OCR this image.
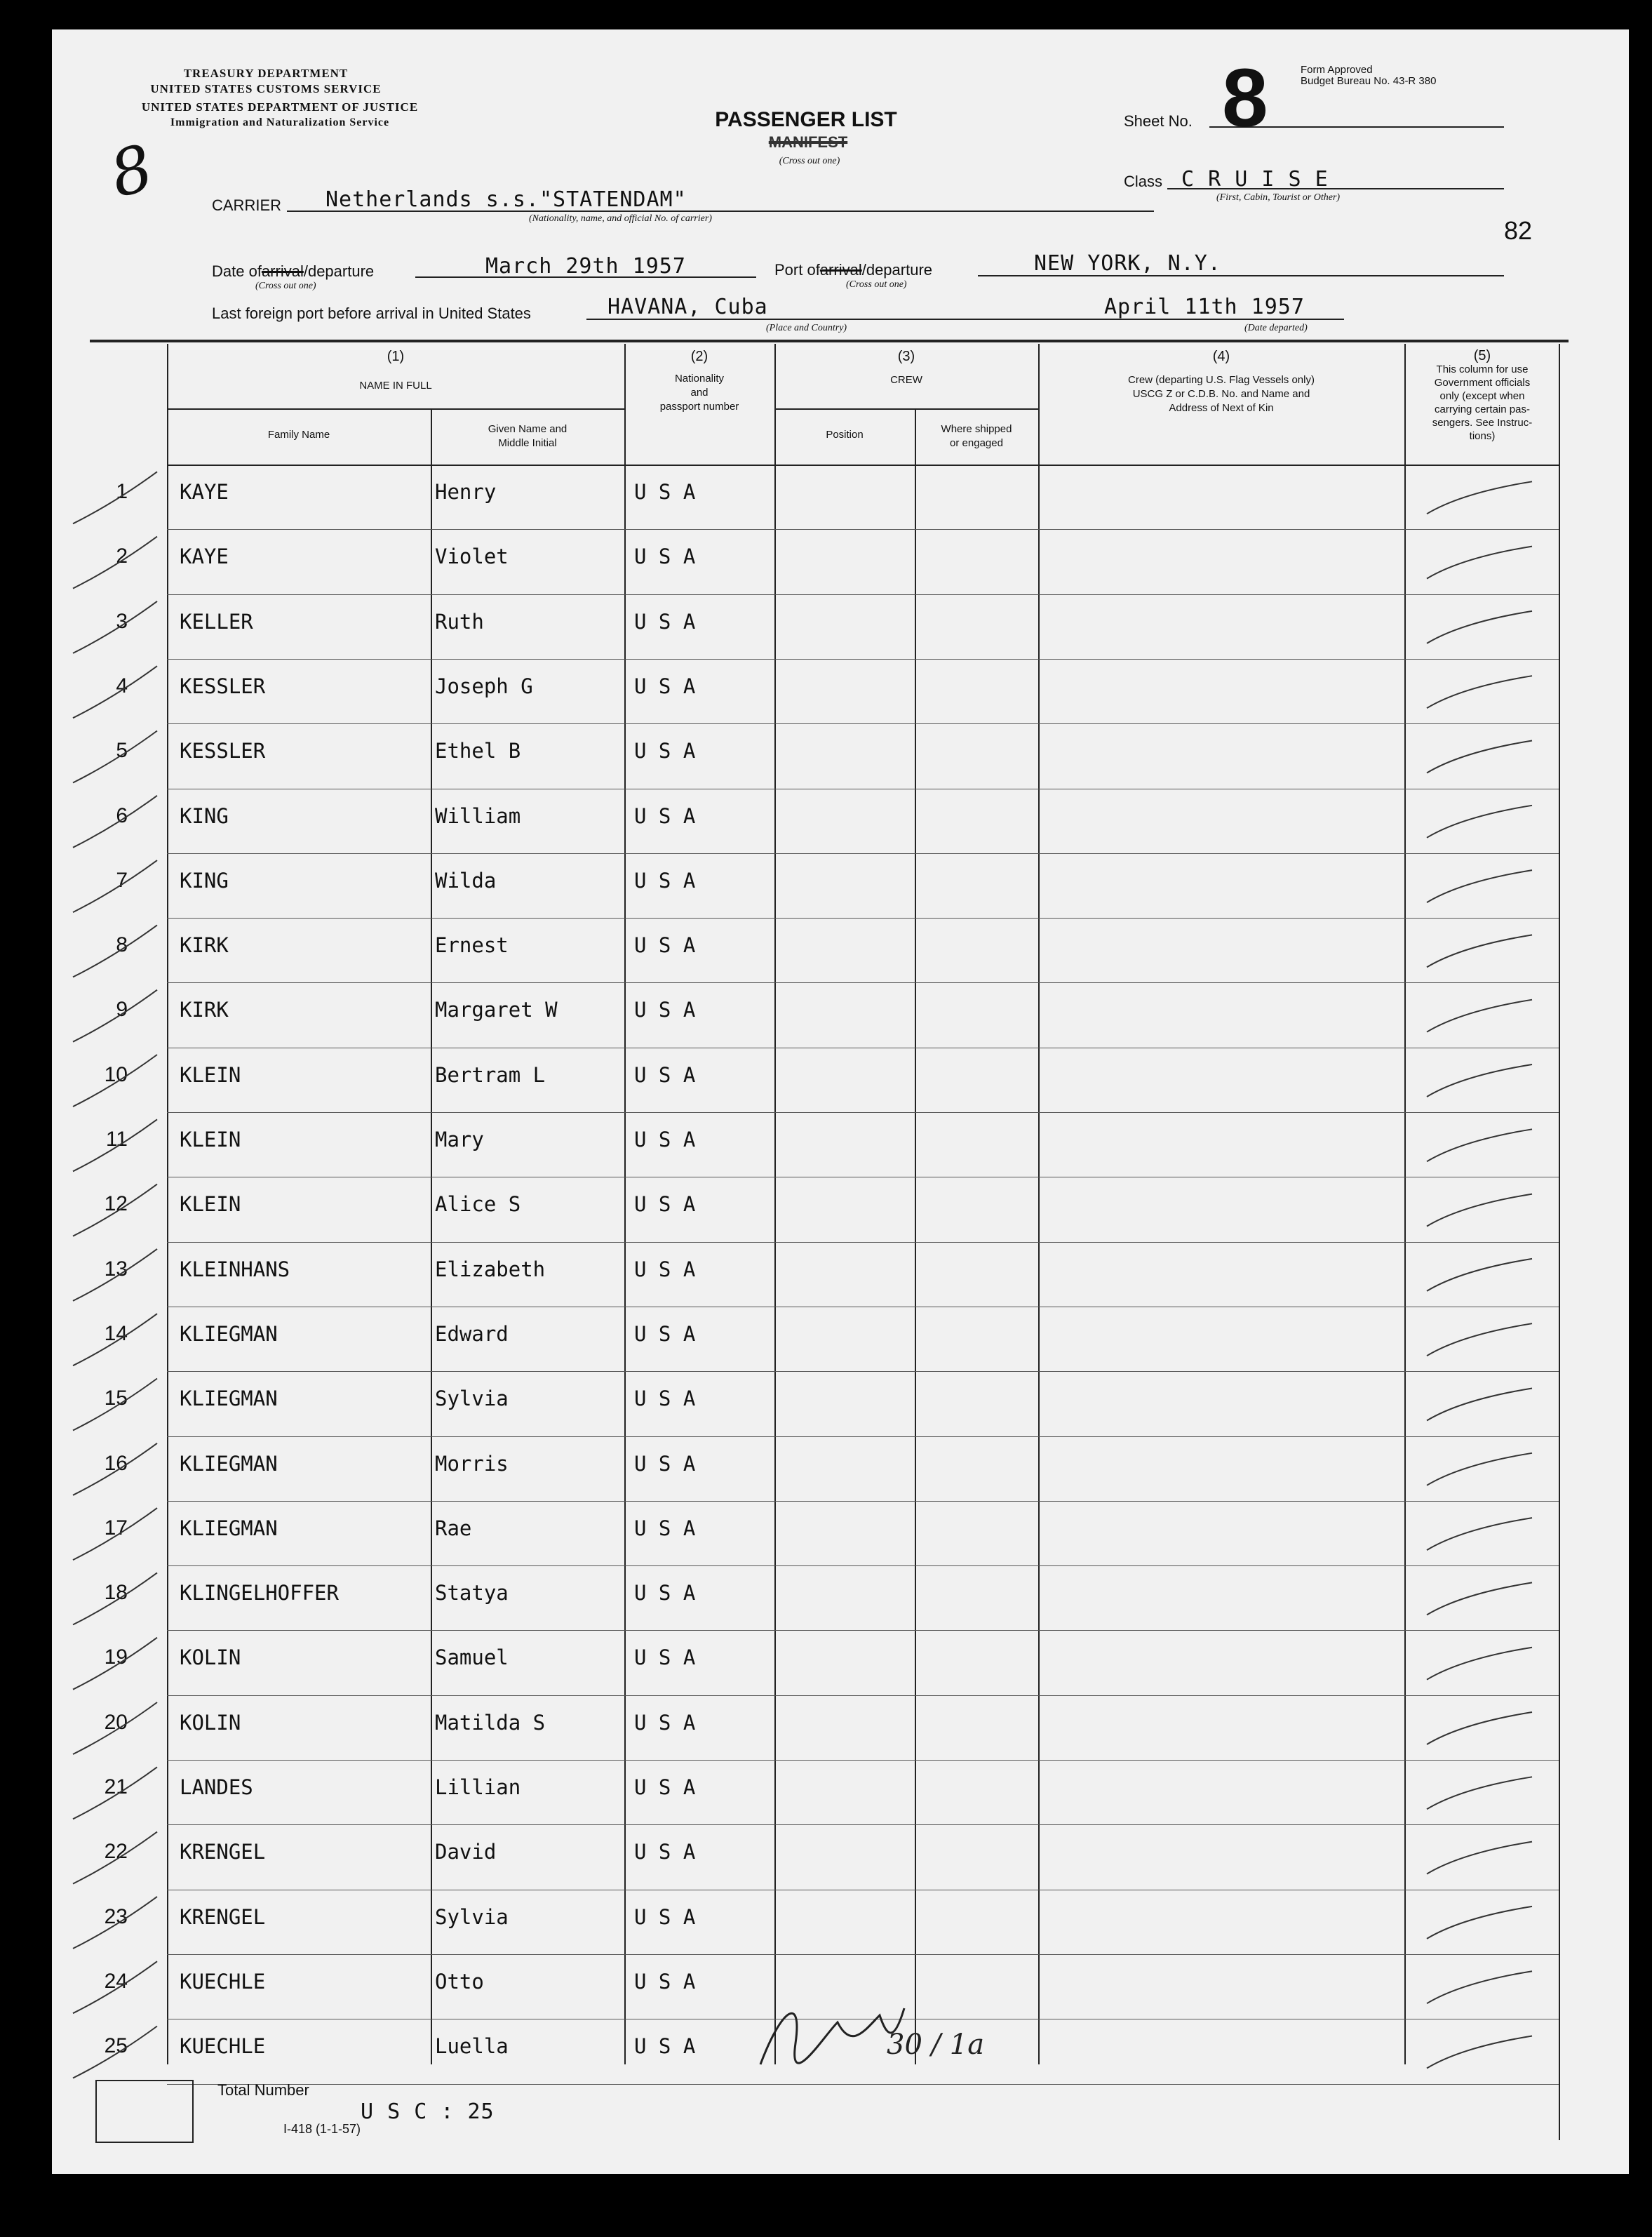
TREASURY DEPARTMENT
UNITED STATES CUSTOMS SERVICE
UNITED STATES DEPARTMENT OF JUSTICE
Immigration and Naturalization Service
8
PASSENGER LIST
MANIFEST
(Cross out one)
Sheet No. 8	Form Approved
Budget Bureau No. 43-R 380
CARRIER Netherlands s.s."STATENDAM"
(Nationality, name, and official No. of carrier)
Class C R U I S E
(First, Cabin, Tourist or Other)
82
Date ofarrival/departure	March 29th 1957
(Cross out one)
Port ofarrival/departure	NEW YORK, N.Y.
(Cross out one)
Last foreign port before arrival in United States	HAVANA, Cuba
(Place and Country)
April 11th 1957
(Date departed)
(1)
NAME IN FULL
Family Name	Given Name and
Middle Initial
(2)
Nationality
and
passport number
(3)
CREW
Position	Where shipped
or engaged
(4)
Crew (departing U.S. Flag Vessels only)
USCG Z or C.D.B. No. and Name and
Address of Next of Kin
(5)
This column for use
Government officials
only (except when
carrying certain pas-
sengers. See Instruc-
tions)
1	KAYE	Henry	U S A
2	KAYE	Violet	U S A
3	KELLER	Ruth	U S A
4	KESSLER	Joseph G	U S A
5	KESSLER	Ethel B	U S A
6	KING	William	U S A
7	KING	Wilda	U S A
8	KIRK	Ernest	U S A
9	KIRK	Margaret W	U S A
10	KLEIN	Bertram L	U S A
11	KLEIN	Mary	U S A
12	KLEIN	Alice S	U S A
13	KLEINHANS	Elizabeth	U S A
14	KLIEGMAN	Edward	U S A
15	KLIEGMAN	Sylvia	U S A
16	KLIEGMAN	Morris	U S A
17	KLIEGMAN	Rae	U S A
18	KLINGELHOFFER	Statya	U S A
19	KOLIN	Samuel	U S A
20	KOLIN	Matilda S	U S A
21	LANDES	Lillian	U S A
22	KRENGEL	David	U S A
23	KRENGEL	Sylvia	U S A
24	KUECHLE	Otto	U S A
25	KUECHLE	Luella	U S A
Total Number
U S C : 25
I-418 (1-1-57)
30 / 1a
